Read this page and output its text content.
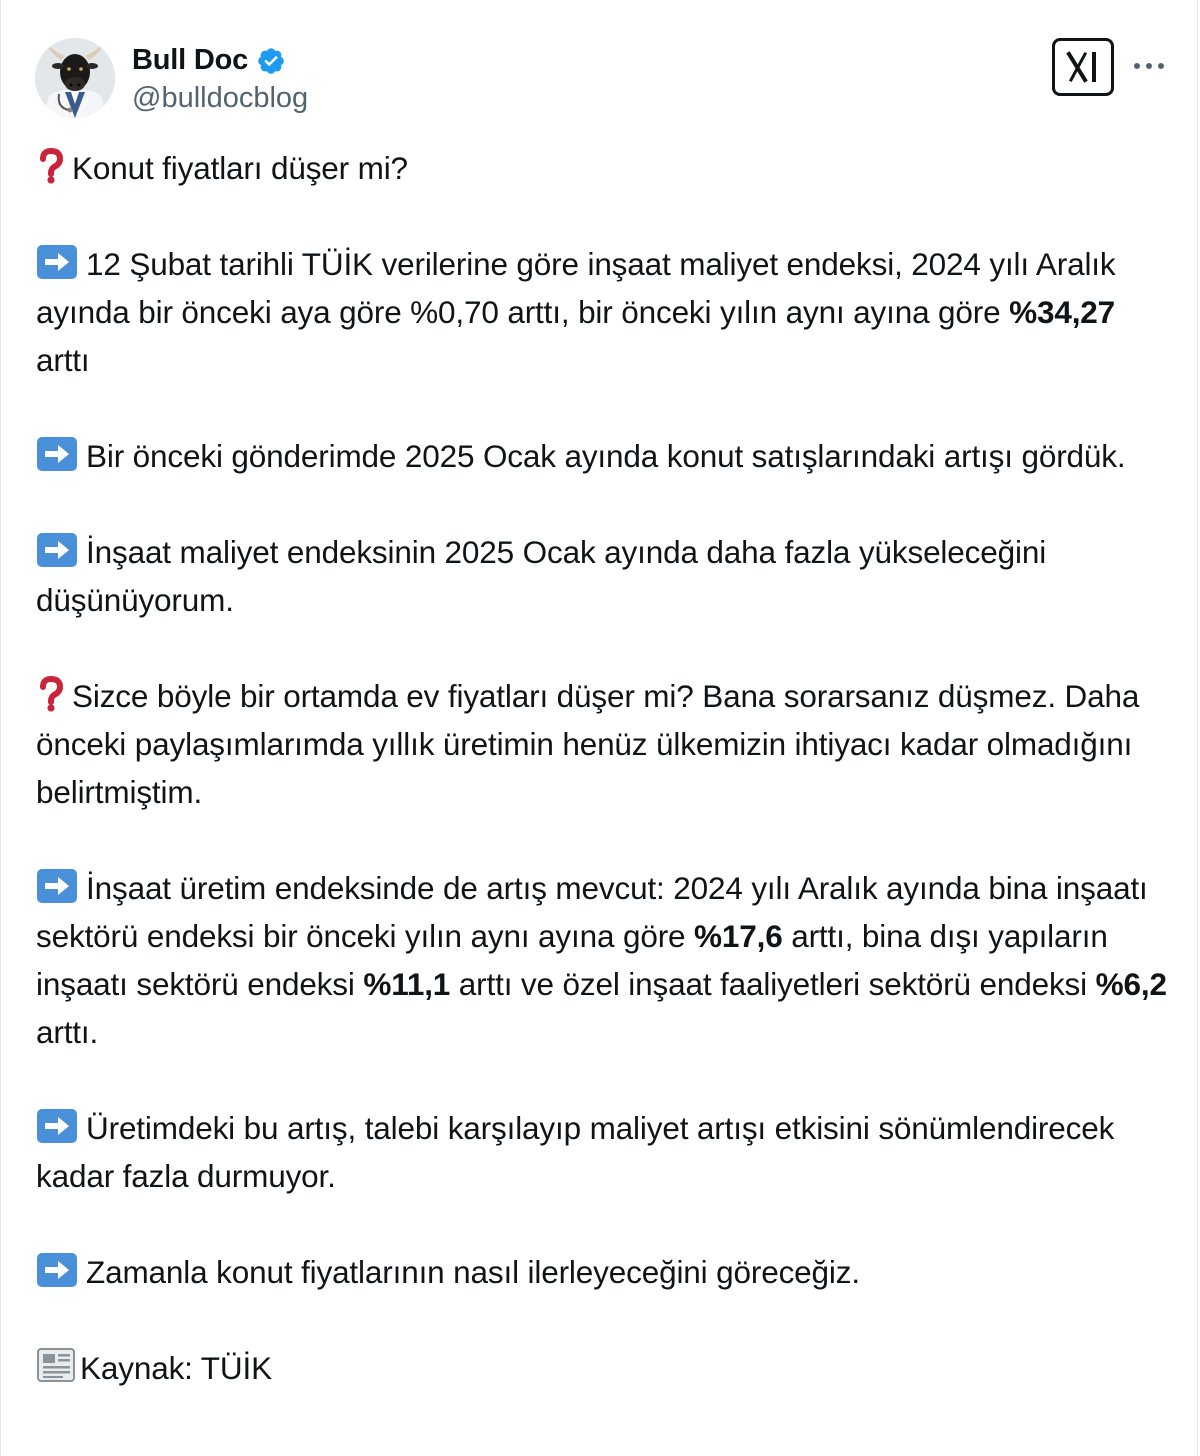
Bull Doc
@bulldocblog

Konut fiyatları düşer mi?

12 Şubat tarihli TÜİK verilerine göre inşaat maliyet endeksi, 2024 yılı Aralık ayında bir önceki aya göre %0,70 arttı, bir önceki yılın aynı ayına göre %34,27 arttı

Bir önceki gönderimde 2025 Ocak ayında konut satışlarındaki artışı gördük.

İnşaat maliyet endeksinin 2025 Ocak ayında daha fazla yükseleceğini düşünüyorum.

Sizce böyle bir ortamda ev fiyatları düşer mi? Bana sorarsanız düşmez. Daha önceki paylaşımlarımda yıllık üretimin henüz ülkemizin ihtiyacı kadar olmadığını belirtmiştim.

İnşaat üretim endeksinde de artış mevcut: 2024 yılı Aralık ayında bina inşaatı sektörü endeksi bir önceki yılın aynı ayına göre %17,6 arttı, bina dışı yapıların inşaatı sektörü endeksi %11,1 arttı ve özel inşaat faaliyetleri sektörü endeksi %6,2 arttı.

Üretimdeki bu artış, talebi karşılayıp maliyet artışı etkisini sönümlendirecek kadar fazla durmuyor.

Zamanla konut fiyatlarının nasıl ilerleyeceğini göreceğiz.

Kaynak: TÜİK
